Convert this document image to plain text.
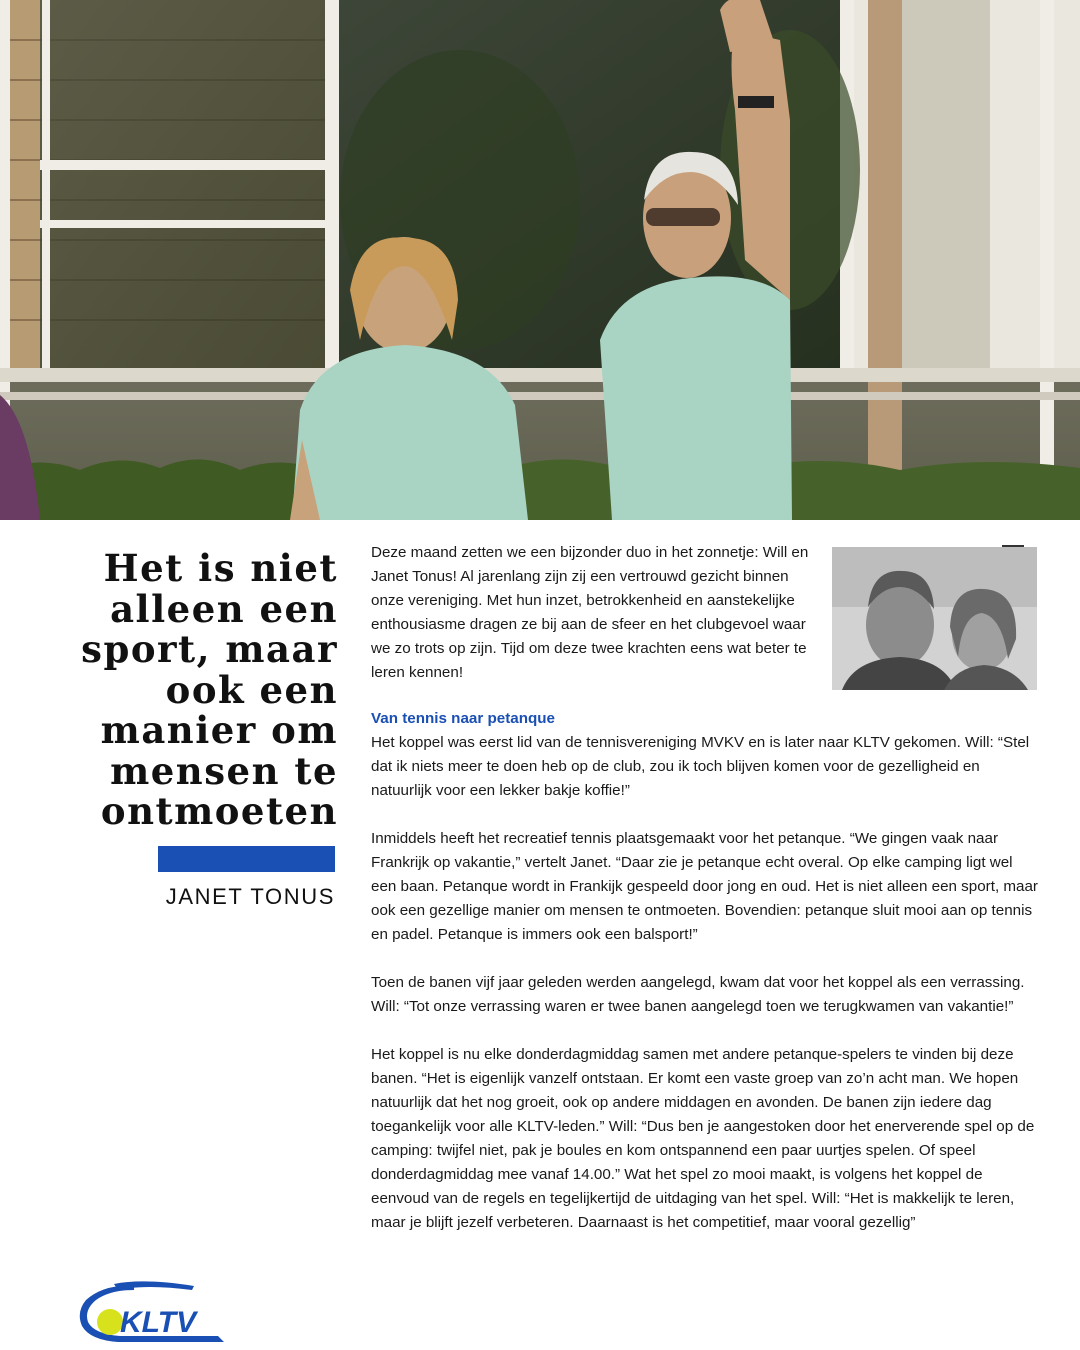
Het is niet
alleen een
sport, maar
ook een
manier om
mensen te
ontmoeten
JANET TONUS

Deze maand zetten we een bijzonder duo in het zonnetje: Will en Janet Tonus! Al jarenlang zijn zij een vertrouwd gezicht binnen onze vereniging. Met hun inzet, betrokkenheid en aanstekelijke enthousiasme dragen ze bij aan de sfeer en het clubgevoel waar we zo trots op zijn. Tijd om deze twee krachten eens wat beter te leren kennen!

Van tennis naar petanque

Het koppel was eerst lid van de tennisvereniging MVKV en is later naar KLTV gekomen. Will: “Stel dat ik niets meer te doen heb op de club, zou ik toch blijven komen voor de gezelligheid en natuurlijk voor een lekker bakje koffie!”

Inmiddels heeft het recreatief tennis plaatsgemaakt voor het petanque. “We gingen vaak naar Frankrijk op vakantie,” vertelt Janet. “Daar zie je petanque echt overal. Op elke camping ligt wel een baan. Petanque wordt in Frankijk gespeeld door jong en oud. Het is niet alleen een sport, maar ook een gezellige manier om mensen te ontmoeten. Bovendien: petanque sluit mooi aan op tennis en padel. Petanque is immers ook een balsport!”

Toen de banen vijf jaar geleden werden aangelegd, kwam dat voor het koppel als een verrassing. Will: “Tot onze verrassing waren er twee banen aangelegd toen we terugkwamen van vakantie!”

Het koppel is nu elke donderdagmiddag samen met andere petanque-spelers te vinden bij deze banen. “Het is eigenlijk vanzelf ontstaan. Er komt een vaste groep van zo’n acht man. We hopen natuurlijk dat het nog groeit, ook op andere middagen en avonden. De banen zijn iedere dag toegankelijk voor alle KLTV-leden.” Will: “Dus ben je aangestoken door het enerverende spel op de camping: twijfel niet, pak je boules en kom ontspannend een paar uurtjes spelen. Of speel donderdagmiddag mee vanaf 14.00.” Wat het spel zo mooi maakt, is volgens het koppel de eenvoud van de regels en tegelijkertijd de uitdaging van het spel. Will: “Het is makkelijk te leren, maar je blijft jezelf verbeteren. Daarnaast is het competitief, maar vooral gezellig”

KLTV
